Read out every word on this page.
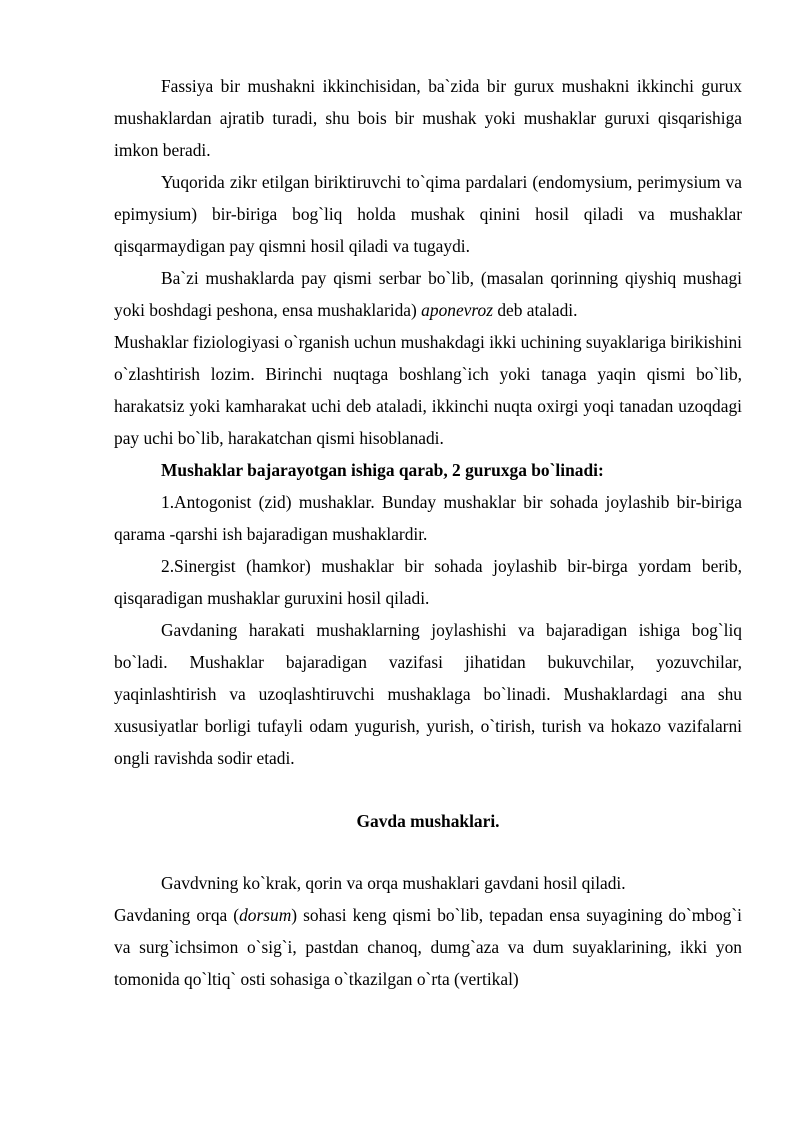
Fassiya bir mushakni ikkinchisidan, ba`zida bir gurux mushakni ikkinchi gurux mushaklardan ajratib turadi, shu bois bir mushak yoki mushaklar guruxi qisqarishiga imkon beradi.

Yuqorida zikr etilgan biriktiruvchi to`qima pardalari (endomysium, perimysium va epimysium) bir-biriga bog`liq holda mushak qinini hosil qiladi va mushaklar qisqarmaydigan pay qismni hosil qiladi va tugaydi.

Ba`zi mushaklarda pay qismi serbar bo`lib, (masalan qorinning qiyshiq mushagi yoki boshdagi peshona, ensa mushaklarida) aponevroz deb ataladi.

Mushaklar fiziologiyasi o`rganish uchun mushakdagi ikki uchining suyaklariga birikishini o`zlashtirish lozim. Birinchi nuqtaga boshlang`ich yoki tanaga yaqin qismi bo`lib, harakatsiz yoki kamharakat uchi deb ataladi, ikkinchi nuqta oxirgi yoqi tanadan uzoqdagi pay uchi bo`lib, harakatchan qismi hisoblanadi.

Mushaklar bajarayotgan ishiga qarab, 2 guruxga bo`linadi:

1.Antogonist (zid) mushaklar. Bunday mushaklar bir sohada joylashib bir-biriga qarama -qarshi ish bajaradigan mushaklardir.

2.Sinergist (hamkor) mushaklar bir sohada joylashib bir-birga yordam berib, qisqaradigan mushaklar guruxini hosil qiladi.

Gavdaning harakati mushaklarning joylashishi va bajaradigan ishiga bog`liq bo`ladi. Mushaklar bajaradigan vazifasi jihatidan bukuvchilar, yozuvchilar, yaqinlashtirish va uzoqlashtiruvchi mushaklaga bo`linadi. Mushaklardagi ana shu xususiyatlar borligi tufayli odam yugurish, yurish, o`tirish, turish va hokazo vazifalarni ongli ravishda sodir etadi.

Gavda mushaklari.

Gavdvning ko`krak, qorin va orqa mushaklari gavdani hosil qiladi.

Gavdaning orqa (dorsum) sohasi keng qismi bo`lib, tepadan ensa suyagining do`mbog`i va surg`ichsimon o`sig`i, pastdan chanoq, dumg`aza va dum suyaklarining, ikki yon tomonida qo`ltiq` osti sohasiga o`tkazilgan o`rta (vertikal)
